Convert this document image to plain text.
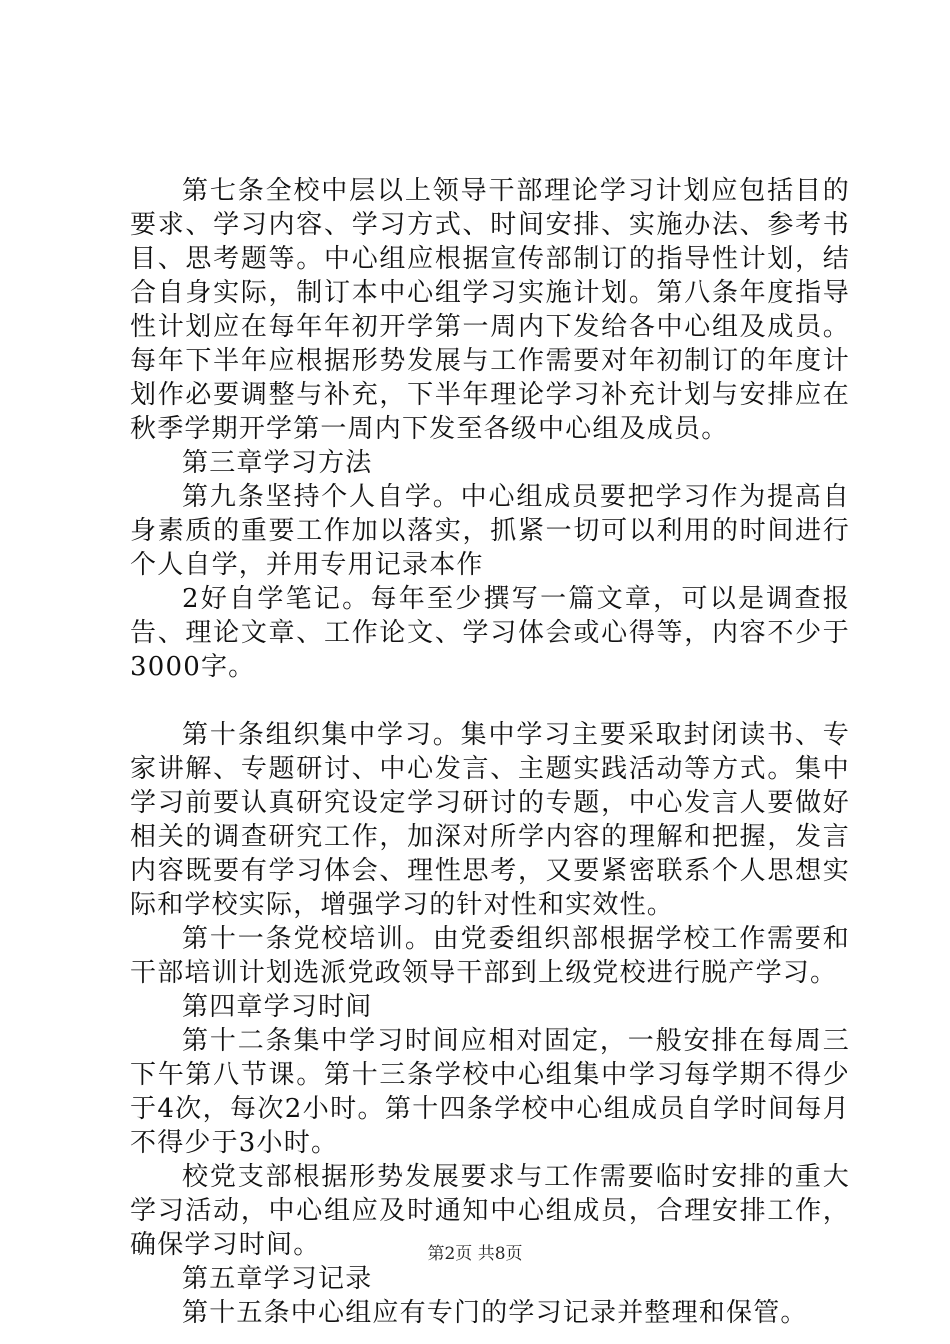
第七条全校中层以上领导干部理论学习计划应包括目的要求、学习内容、学习方式、时间安排、实施办法、参考书目、思考题等。中心组应根据宣传部制订的指导性计划，结合自身实际，制订本中心组学习实施计划。第八条年度指导性计划应在每年年初开学第一周内下发给各中心组及成员。每年下半年应根据形势发展与工作需要对年初制订的年度计划作必要调整与补充，下半年理论学习补充计划与安排应在秋季学期开学第一周内下发至各级中心组及成员。

第三章学习方法

第九条坚持个人自学。中心组成员要把学习作为提高自身素质的重要工作加以落实，抓紧一切可以利用的时间进行个人自学，并用专用记录本作

2好自学笔记。每年至少撰写一篇文章，可以是调查报告、理论文章、工作论文、学习体会或心得等，内容不少于3000字。

第十条组织集中学习。集中学习主要采取封闭读书、专家讲解、专题研讨、中心发言、主题实践活动等方式。集中学习前要认真研究设定学习研讨的专题，中心发言人要做好相关的调查研究工作，加深对所学内容的理解和把握，发言内容既要有学习体会、理性思考，又要紧密联系个人思想实际和学校实际，增强学习的针对性和实效性。

第十一条党校培训。由党委组织部根据学校工作需要和干部培训计划选派党政领导干部到上级党校进行脱产学习。

第四章学习时间

第十二条集中学习时间应相对固定，一般安排在每周三下午第八节课。第十三条学校中心组集中学习每学期不得少于4次，每次2小时。第十四条学校中心组成员自学时间每月不得少于3小时。

校党支部根据形势发展要求与工作需要临时安排的重大学习活动，中心组应及时通知中心组成员，合理安排工作，确保学习时间。

第五章学习记录

第十五条中心组应有专门的学习记录并整理和保管。

第2页 共8页
